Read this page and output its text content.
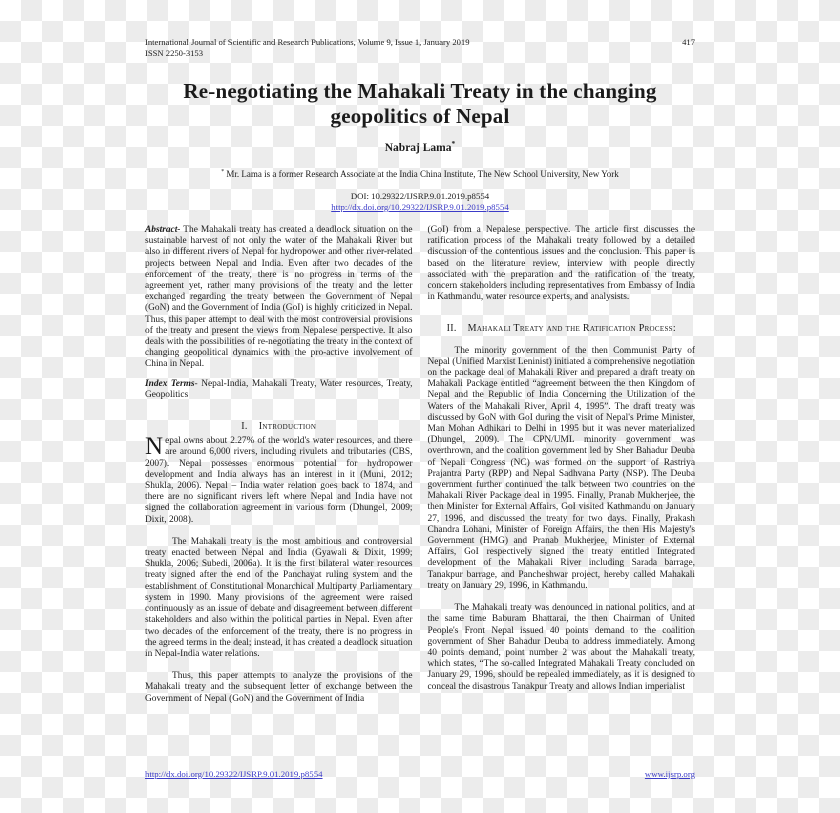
International Journal of Scientific and Research Publications, Volume 9, Issue 1, January 2019
ISSN 2250-3153
417
Re-negotiating the Mahakali Treaty in the changing geopolitics of Nepal
Nabraj Lama*
* Mr. Lama is a former Research Associate at the India China Institute, The New School University, New York
DOI: 10.29322/IJSRP.9.01.2019.p8554
http://dx.doi.org/10.29322/IJSRP.9.01.2019.p8554

Abstract- The Mahakali treaty has created a deadlock situation on the sustainable harvest of not only the water of the Mahakali River but also in different rivers of Nepal for hydropower and other river-related projects between Nepal and India. Even after two decades of the enforcement of the treaty, there is no progress in terms of the agreement yet, rather many provisions of the treaty and the letter exchanged regarding the treaty between the Government of Nepal (GoN) and the Government of India (GoI) is highly criticized in Nepal. Thus, this paper attempt to deal with the most controversial provisions of the treaty and present the views from Nepalese perspective. It also deals with the possibilities of re-negotiating the treaty in the context of changing geopolitical dynamics with the pro-active involvement of China in Nepal.

Index Terms- Nepal-India, Mahakali Treaty, Water resources, Treaty, Geopolitics

I. Introduction

Nepal owns about 2.27% of the world's water resources, and there are around 6,000 rivers, including rivulets and tributaries (CBS, 2007). Nepal possesses enormous potential for hydropower development and India always has an interest in it (Muni, 2012; Shukla, 2006). Nepal – India water relation goes back to 1874, and there are no significant rivers left where Nepal and India have not signed the collaboration agreement in various form (Dhungel, 2009; Dixit, 2008).

The Mahakali treaty is the most ambitious and controversial treaty enacted between Nepal and India (Gyawali & Dixit, 1999; Shukla, 2006; Subedi, 2006a). It is the first bilateral water resources treaty signed after the end of the Panchayat ruling system and the establishment of Constitutional Monarchical Multiparty Parliamentary system in 1990. Many provisions of the agreement were raised continuously as an issue of debate and disagreement between different stakeholders and also within the political parties in Nepal. Even after two decades of the enforcement of the treaty, there is no progress in the agreed terms in the deal; instead, it has created a deadlock situation in Nepal-India water relations.

Thus, this paper attempts to analyze the provisions of the Mahakali treaty and the subsequent letter of exchange between the Government of Nepal (GoN) and the Government of India

(GoI) from a Nepalese perspective. The article first discusses the ratification process of the Mahakali treaty followed by a detailed discussion of the contentious issues and the conclusion. This paper is based on the literature review, interview with people directly associated with the preparation and the ratification of the treaty, concern stakeholders including representatives from Embassy of India in Kathmandu, water resource experts, and analysists.

II. Mahakali Treaty and the Ratification Process:

The minority government of the then Communist Party of Nepal (Unified Marxist Leninist) initiated a comprehensive negotiation on the package deal of Mahakali River and prepared a draft treaty on Mahakali Package entitled “agreement between the then Kingdom of Nepal and the Republic of India Concerning the Utilization of the Waters of the Mahakali River, April 4, 1995”. The draft treaty was discussed by GoN with GoI during the visit of Nepal's Prime Minister, Man Mohan Adhikari to Delhi in 1995 but it was never materialized (Dhungel, 2009). The CPN/UML minority government was overthrown, and the coalition government led by Sher Bahadur Deuba of Nepali Congress (NC) was formed on the support of Rastriya Prajantra Party (RPP) and Nepal Sadhvana Party (NSP). The Deuba government further continued the talk between two countries on the Mahakali River Package deal in 1995. Finally, Pranab Mukherjee, the then Minister for External Affairs, GoI visited Kathmandu on January 27, 1996, and discussed the treaty for two days. Finally, Prakash Chandra Lohani, Minister of Foreign Affairs, the then His Majesty's Government (HMG) and Pranab Mukherjee, Minister of External Affairs, GoI respectively signed the treaty entitled Integrated development of the Mahakali River including Sarada barrage, Tanakpur barrage, and Pancheshwar project, hereby called Mahakali treaty on January 29, 1996, in Kathmandu.

The Mahakali treaty was denounced in national politics, and at the same time Baburam Bhattarai, the then Chairman of United People's Front Nepal issued 40 points demand to the coalition government of Sher Bahadur Deuba to address immediately. Among 40 points demand, point number 2 was about the Mahakali treaty, which states, “The so-called Integrated Mahakali Treaty concluded on January 29, 1996, should be repealed immediately, as it is designed to conceal the disastrous Tanakpur Treaty and allows Indian imperialist

http://dx.doi.org/10.29322/IJSRP.9.01.2019.p8554	www.ijsrp.org
